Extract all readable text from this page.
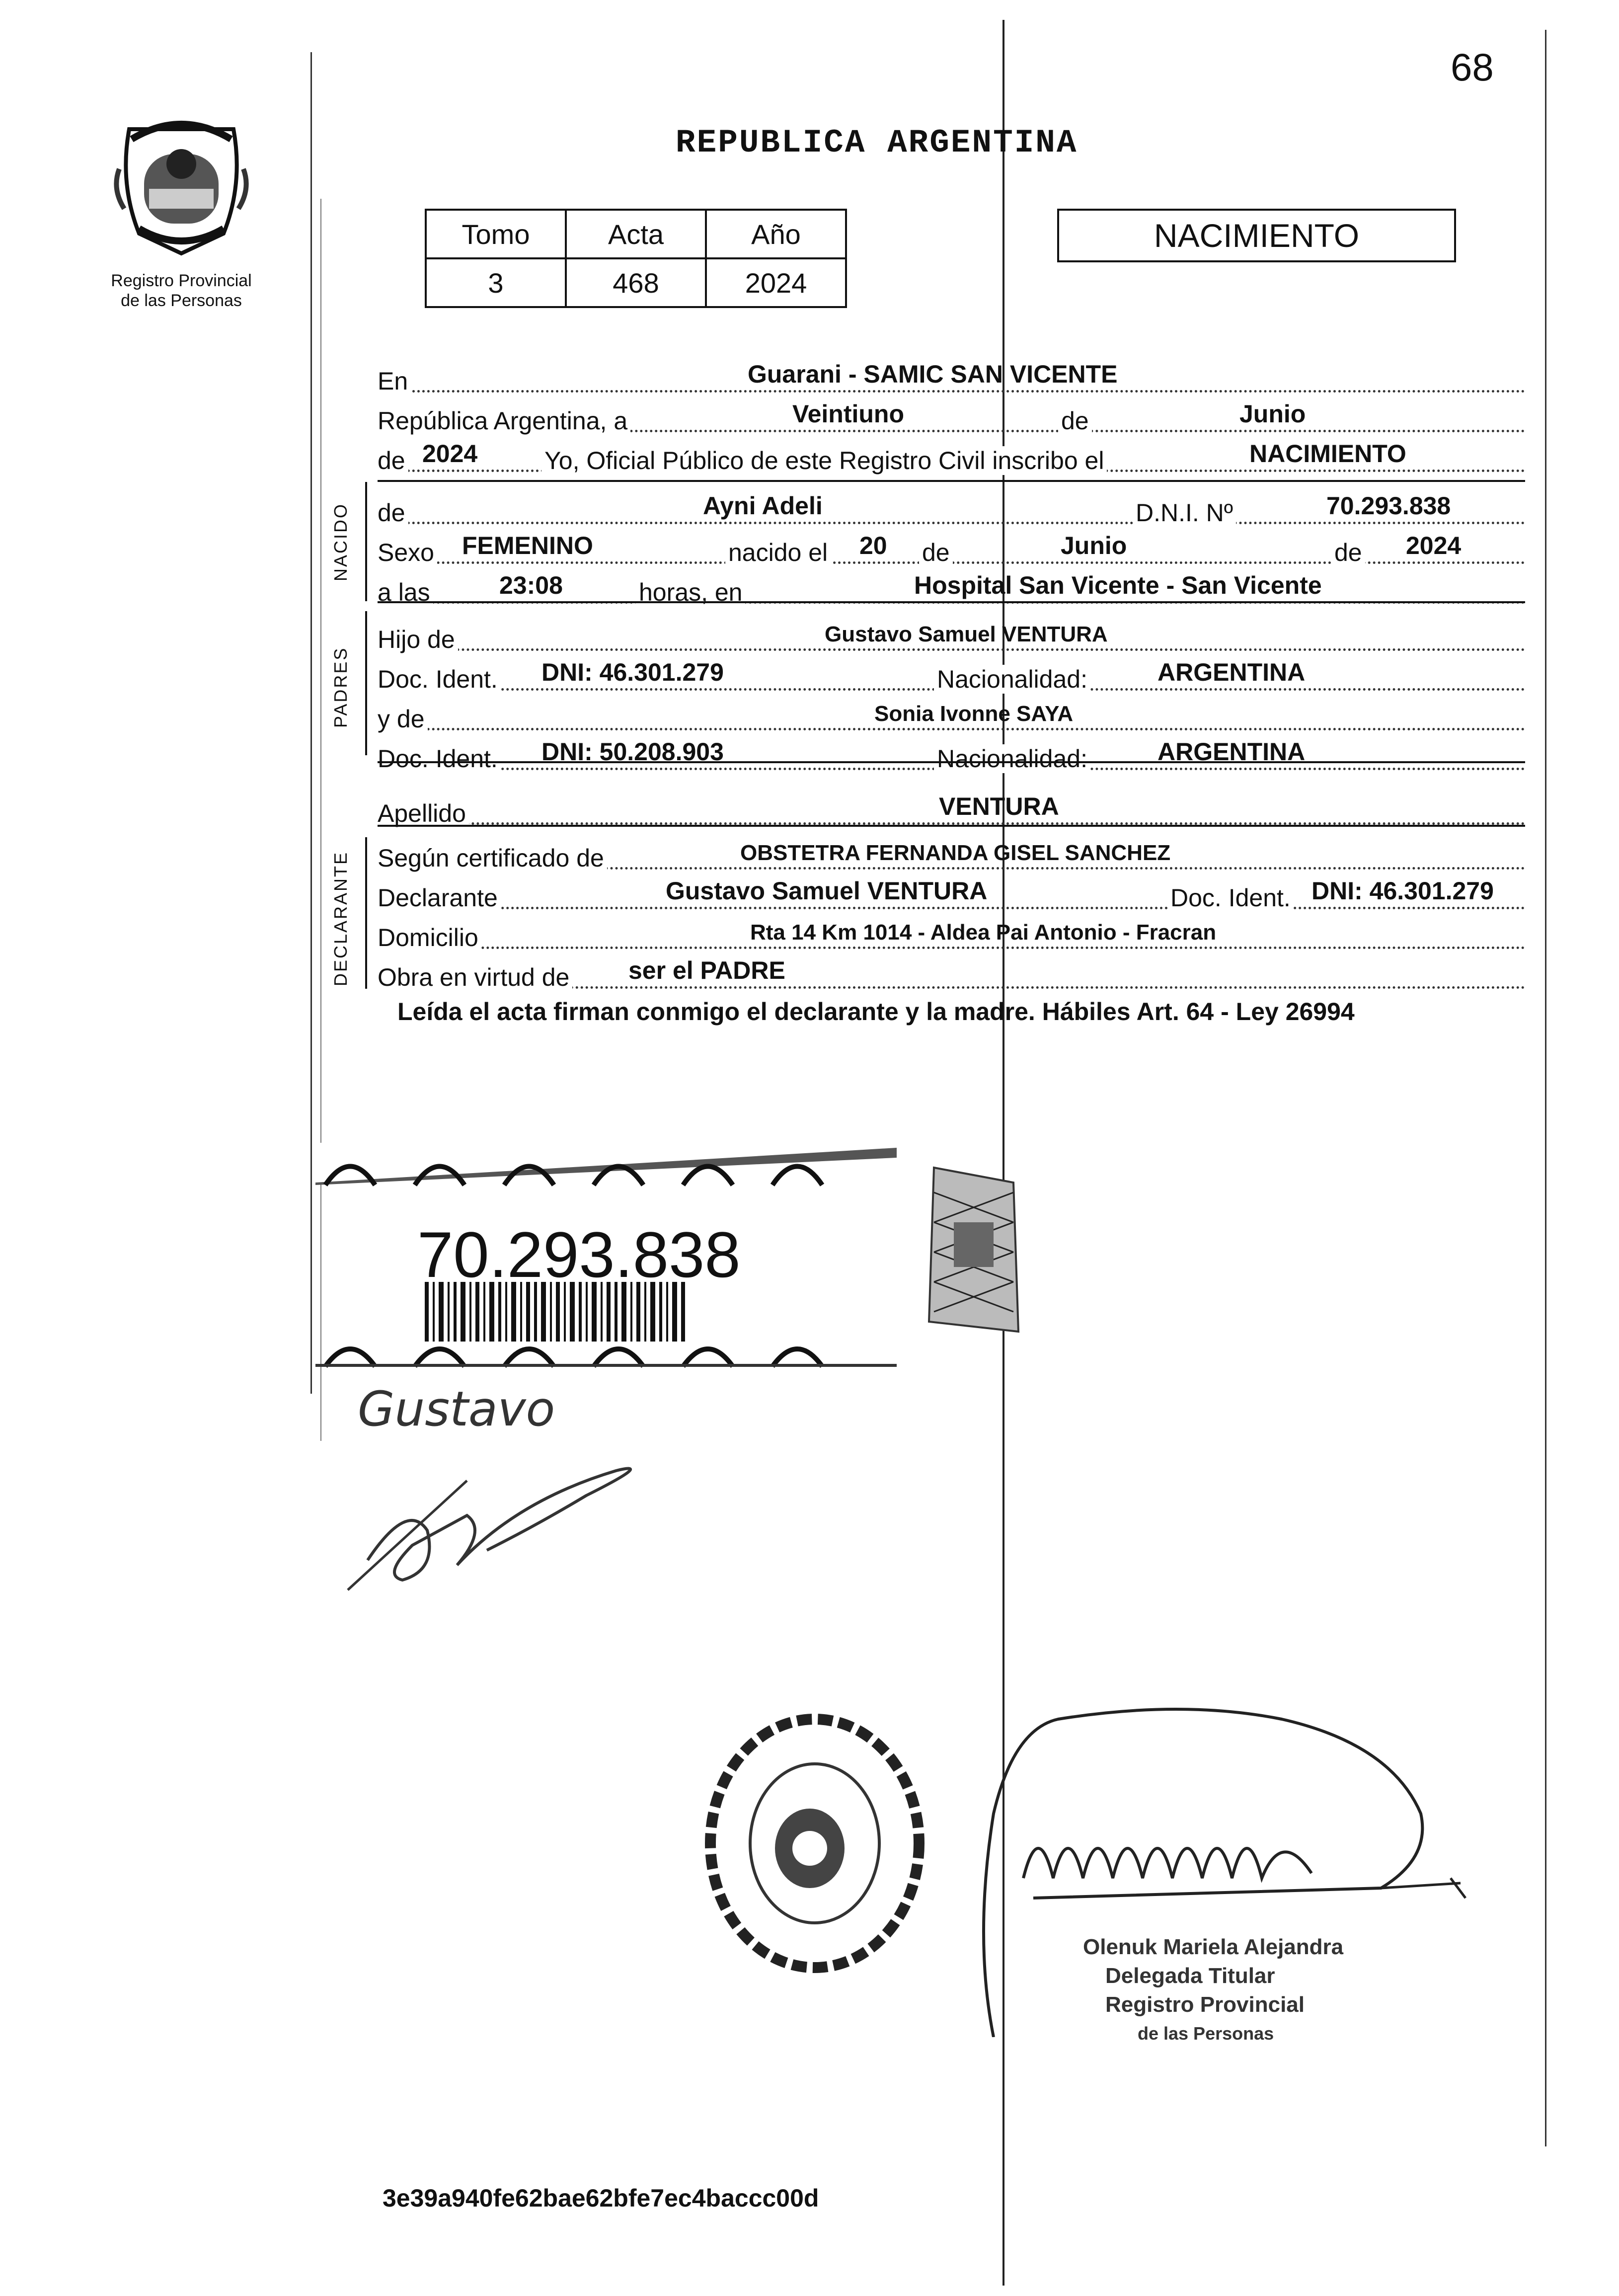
68
Registro Provincial
de las Personas
REPUBLICA ARGENTINA
Tomo	Acta	Año
3	468	2024
NACIMIENTO
En	Guarani - SAMIC SAN VICENTE
República Argentina, a	Veintiuno	de	Junio
de 2024	Yo, Oficial Público de este Registro Civil inscribo el	NACIMIENTO
NACIDO de	Ayni Adeli	D.N.I. Nº	70.293.838
Sexo FEMENINO	nacido el 20 de	Junio	de 2024
a las	23:08	horas, en	Hospital San Vicente - San Vicente
PADRES
Hijo de	Gustavo Samuel VENTURA
Doc. Ident. DNI: 46.301.279	Nacionalidad:	ARGENTINA
y de	Sonia Ivonne SAYA
Doc. Ident. DNI: 50.208.903	Nacionalidad:	ARGENTINA
Apellido	VENTURA
DECLARANTE Según certificado de	OBSTETRA FERNANDA GISEL SANCHEZ
Declarante	Gustavo Samuel VENTURA	Doc. Ident. DNI: 46.301.279
Domicilio	Rta 14 Km 1014 - Aldea Pai Antonio - Fracran
Obra en virtud de ser el PADRE
Leída el acta firman conmigo el declarante y la madre. Hábiles Art. 64 - Ley 26994
70.293.838
Gustavo
Olenuk Mariela Alejandra
Delegada Titular
Registro Provincial
de las Personas
3e39a940fe62bae62bfe7ec4baccc00d
